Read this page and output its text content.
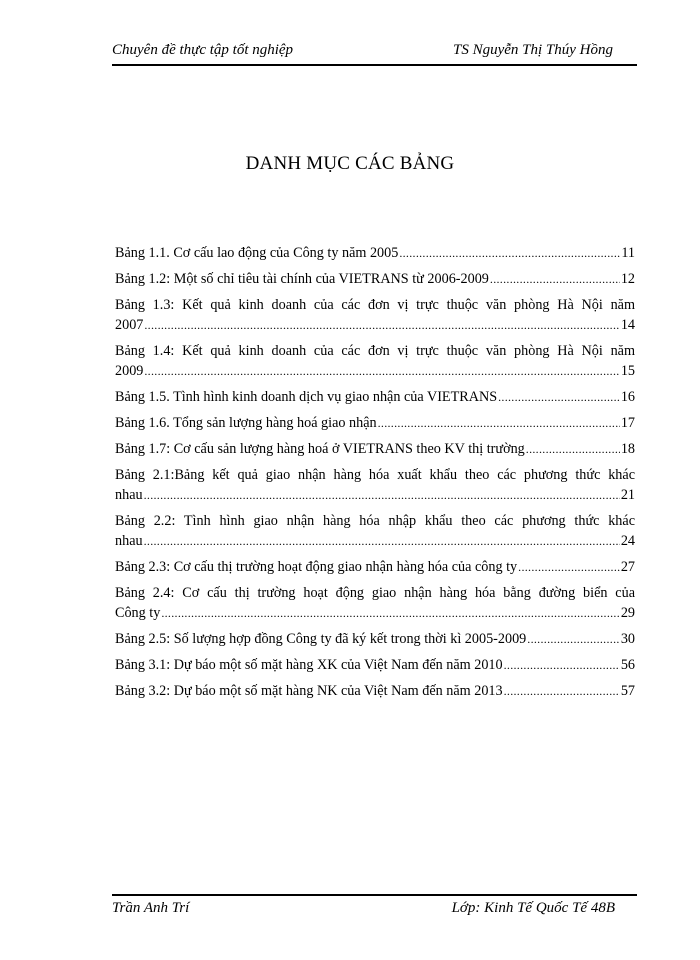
Chuyên đề thực tập tốt nghiệp	TS Nguyễn Thị Thúy Hồng
DANH MỤC CÁC BẢNG
Bảng 1.1. Cơ cấu lao động của Công ty năm 2005 .....	11
Bảng 1.2: Một số chỉ tiêu tài chính của VIETRANS từ 2006-2009 .....	12
Bảng 1.3: Kết quả kinh doanh của các đơn vị trực thuộc văn phòng Hà Nội năm
2007 .....	14
Bảng 1.4: Kết quả kinh doanh của các đơn vị trực thuộc văn phòng Hà Nội năm
2009 .....	15
Bảng 1.5. Tình hình kinh doanh dịch vụ giao nhận của VIETRANS .....	16
Bảng 1.6. Tổng sản lượng hàng hoá giao nhận .....	17
Bảng 1.7: Cơ cấu sản lượng hàng hoá ở VIETRANS theo KV thị trường .....	18
Bảng 2.1:Bảng kết quả giao nhận hàng hóa xuất khẩu theo các phương thức khác
nhau .....	21
Bảng 2.2: Tình hình giao nhận hàng hóa nhập khẩu theo các phương thức khác
nhau .....	24
Bảng 2.3: Cơ cấu thị trường hoạt động giao nhận hàng hóa của công ty .....	27
Bảng 2.4: Cơ cấu thị trường hoạt động giao nhận hàng hóa bằng đường biển của
Công ty .....	29
Bảng 2.5: Số lượng hợp đồng Công ty đã ký kết trong thời kì 2005-2009 .....	30
Bảng 3.1: Dự báo một số mặt hàng XK của Việt Nam đến năm 2010 .....	56
Bảng 3.2: Dự báo một số mặt hàng NK của Việt Nam đến năm 2013 .....	57
Trần Anh Trí	Lớp: Kinh Tế Quốc Tế 48B
